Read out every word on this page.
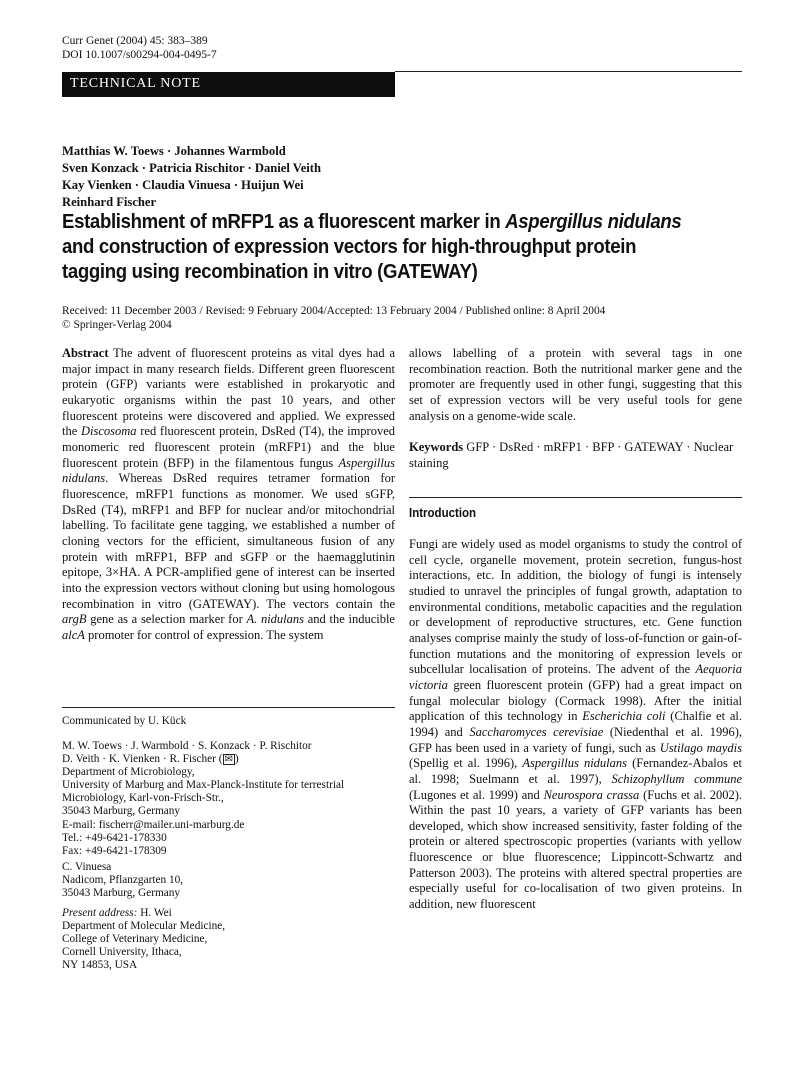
Curr Genet (2004) 45: 383–389
DOI 10.1007/s00294-004-0495-7
TECHNICAL NOTE
Matthias W. Toews · Johannes Warmbold
Sven Konzack · Patricia Rischitor · Daniel Veith
Kay Vienken · Claudia Vinuesa · Huijun Wei
Reinhard Fischer
Establishment of mRFP1 as a fluorescent marker in Aspergillus nidulans and construction of expression vectors for high-throughput protein tagging using recombination in vitro (GATEWAY)
Received: 11 December 2003 / Revised: 9 February 2004/Accepted: 13 February 2004 / Published online: 8 April 2004
© Springer-Verlag 2004

Abstract The advent of fluorescent proteins as vital dyes had a major impact in many research fields. Different green fluorescent protein (GFP) variants were established in prokaryotic and eukaryotic organisms within the past 10 years, and other fluorescent proteins were discovered and applied. We expressed the Discosoma red fluorescent protein, DsRed (T4), the improved monomeric red fluorescent protein (mRFP1) and the blue fluorescent protein (BFP) in the filamentous fungus Aspergillus nidulans. Whereas DsRed requires tetramer formation for fluorescence, mRFP1 functions as monomer. We used sGFP, DsRed (T4), mRFP1 and BFP for nuclear and/or mitochondrial labelling. To facilitate gene tagging, we established a number of cloning vectors for the efficient, simultaneous fusion of any protein with mRFP1, BFP and sGFP or the haemagglutinin epitope, 3×HA. A PCR-amplified gene of interest can be inserted into the expression vectors without cloning but using homologous recombination in vitro (GATEWAY). The vectors contain the argB gene as a selection marker for A. nidulans and the inducible alcA promoter for control of expression. The system

allows labelling of a protein with several tags in one recombination reaction. Both the nutritional marker gene and the promoter are frequently used in other fungi, suggesting that this set of expression vectors will be very useful tools for gene analysis on a genome-wide scale.

Keywords GFP · DsRed · mRFP1 · BFP · GATEWAY · Nuclear staining
Introduction

Fungi are widely used as model organisms to study the control of cell cycle, organelle movement, protein secretion, fungus-host interactions, etc. In addition, the biology of fungi is intensely studied to unravel the principles of fungal growth, adaptation to environmental conditions, metabolic capacities and the regulation or development of reproductive structures, etc. Gene function analyses comprise mainly the study of loss-of-function or gain-of-function mutations and the monitoring of expression levels or subcellular localisation of proteins. The advent of the Aequoria victoria green fluorescent protein (GFP) had a great impact on fungal molecular biology (Cormack 1998). After the initial application of this technology in Escherichia coli (Chalfie et al. 1994) and Saccharomyces cerevisiae (Niedenthal et al. 1996), GFP has been used in a variety of fungi, such as Ustilago maydis (Spellig et al. 1996), Aspergillus nidulans (Fernandez-Abalos et al. 1998; Suelmann et al. 1997), Schizophyllum commune (Lugones et al. 1999) and Neurospora crassa (Fuchs et al. 2002). Within the past 10 years, a variety of GFP variants has been developed, which show increased sensitivity, faster folding of the protein or altered spectroscopic properties (variants with yellow fluorescence or blue fluorescence; Lippincott-Schwartz and Patterson 2003). The proteins with altered spectral properties are especially useful for co-localisation of two given proteins. In addition, new fluorescent

Communicated by U. Kück
M. W. Toews · J. Warmbold · S. Konzack · P. Rischitor
D. Veith · K. Vienken · R. Fischer ( ✉ )
Department of Microbiology,
University of Marburg and Max-Planck-Institute for terrestrial
Microbiology, Karl-von-Frisch-Str.,
35043 Marburg, Germany
E-mail: fischerr@mailer.uni-marburg.de
Tel.: +49-6421-178330
Fax: +49-6421-178309
C. Vinuesa
Nadicom, Pflanzgarten 10,
35043 Marburg, Germany
Present address: H. Wei
Department of Molecular Medicine,
College of Veterinary Medicine,
Cornell University, Ithaca,
NY 14853, USA
